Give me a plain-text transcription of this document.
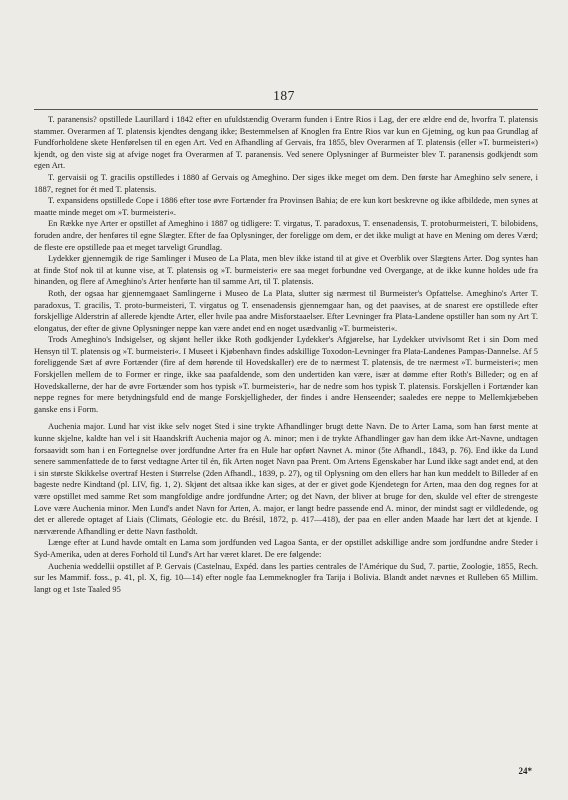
187

T. paranensis? opstillede Laurillard i 1842 efter en ufuldstændig Overarm funden i Entre Rios i Lag, der ere ældre end de, hvorfra T. platensis stammer. Overarmen af T. platensis kjendtes dengang ikke; Bestemmelsen af Knoglen fra Entre Rios var kun en Gjetning, og kun paa Grundlag af Fundforholdene skete Henførelsen til en egen Art. Ved en Afhandling af Gervais, fra 1855, blev Overarmen af T. platensis (eller »T. burmeisteri«) kjendt, og den viste sig at afvige noget fra Overarmen af T. paranensis. Ved senere Oplysninger af Burmeister blev T. paranensis godkjendt som egen Art.

T. gervaisii og T. gracilis opstilledes i 1880 af Gervais og Ameghino. Der siges ikke meget om dem. Den første har Ameghino selv senere, i 1887, regnet for ét med T. platensis.

T. expansidens opstillede Cope i 1886 efter tose øvre Fortænder fra Provinsen Bahia; de ere kun kort beskrevne og ikke afbildede, men synes at maatte minde meget om »T. burmeisteri«.

En Række nye Arter er opstillet af Ameghino i 1887 og tidligere: T. virgatus, T. paradoxus, T. ensenadensis, T. protoburmeisteri, T. bilobidens, foruden andre, der henføres til egne Slægter. Efter de faa Oplysninger, der foreligge om dem, er det ikke muligt at have en Mening om deres Værd; de fleste ere opstillede paa et meget tarveligt Grundlag.

Lydekker gjennemgik de rige Samlinger i Museo de La Plata, men blev ikke istand til at give et Overblik over Slægtens Arter. Dog syntes han at finde Stof nok til at kunne vise, at T. platensis og »T. burmeisteri« ere saa meget forbundne ved Overgange, at de ikke kunne holdes ude fra hinanden, og flere af Ameghino's Arter henførte han til samme Art, til T. platensis.

Roth, der ogsaa har gjennemgaaet Samlingerne i Museo de La Plata, slutter sig nærmest til Burmeister's Opfattelse. Ameghino's Arter T. paradoxus, T. gracilis, T. proto-burmeisteri, T. virgatus og T. ensenadensis gjennemgaar han, og det paavises, at de snarest ere opstillede efter forskjellige Alderstrin af allerede kjendte Arter, eller hvile paa andre Misforstaaelser. Efter Levninger fra Plata-Landene opstiller han som ny Art T. elongatus, der efter de givne Oplysninger neppe kan være andet end en noget usædvanlig »T. burmeisteri«.

Trods Ameghino's Indsigelser, og skjønt heller ikke Roth godkjender Lydekker's Afgjørelse, har Lydekker utvivlsomt Ret i sin Dom med Hensyn til T. platensis og »T. burmeisteri«. I Museet i Kjøbenhavn findes adskillige Toxodon-Levninger fra Plata-Landenes Pampas-Dannelse. Af 5 foreliggende Sæt af øvre Fortænder (fire af dem hørende til Hovedskaller) ere de to nærmest T. platensis, de tre nærmest »T. burmeisteri«; men Forskjellen mellem de to Former er ringe, ikke saa paafaldende, som den undertiden kan være, især at dømme efter Roth's Billeder; og en af Hovedskallerne, der har de øvre Fortænder som hos typisk »T. burmeisteri«, har de nedre som hos typisk T. platensis. Forskjellen i Fortænder kan neppe regnes for mere betydningsfuld end de mange Forskjelligheder, der findes i andre Henseender; saaledes ere neppe to Mellemkjæbeben ganske ens i Form.

Auchenia major. Lund har vist ikke selv noget Sted i sine trykte Afhandlinger brugt dette Navn. De to Arter Lama, som han først mente at kunne skjelne, kaldte han vel i sit Haandskrift Auchenia major og A. minor; men i de trykte Afhandlinger gav han dem ikke Art-Navne, undtagen forsaavidt som han i en Fortegnelse over jordfundne Arter fra en Hule har opført Navnet A. minor (5te Afhandl., 1843, p. 76). End ikke da Lund senere sammenfattede de to først vedtagne Arter til én, fik Arten noget Navn paa Prent. Om Artens Egenskaber har Lund ikke sagt andet end, at den i sin største Skikkelse overtraf Hesten i Størrelse (2den Afhandl., 1839, p. 27), og til Oplysning om den ellers har han kun meddelt to Billeder af en bageste nedre Kindtand (pl. LIV, fig. 1, 2). Skjønt det altsaa ikke kan siges, at der er givet gode Kjendetegn for Arten, maa den dog regnes for at være opstillet med samme Ret som mangfoldige andre jordfundne Arter; og det Navn, der bliver at bruge for den, skulde vel efter de strengeste Love være Auchenia minor. Men Lund's andet Navn for Arten, A. major, er langt bedre passende end A. minor, der mindst sagt er vildledende, og det er allerede optaget af Liais (Climats, Géologie etc. du Brésil, 1872, p. 417—418), der paa en eller anden Maade har lært det at kjende. I nærværende Afhandling er dette Navn fastholdt.

Længe efter at Lund havde omtalt en Lama som jordfunden ved Lagoa Santa, er der opstillet adskillige andre som jordfundne andre Steder i Syd-Amerika, uden at deres Forhold til Lund's Art har været klaret. De ere følgende:

Auchenia weddellii opstillet af P. Gervais (Castelnau, Expéd. dans les parties centrales de l'Amérique du Sud, 7. partie, Zoologie, 1855, Rech. sur les Mammif. foss., p. 41, pl. X, fig. 10—14) efter nogle faa Lemmeknogler fra Tarija i Bolivia. Blandt andet nævnes et Rulleben 65 Millim. langt og et 1ste Taaled 95

24*
